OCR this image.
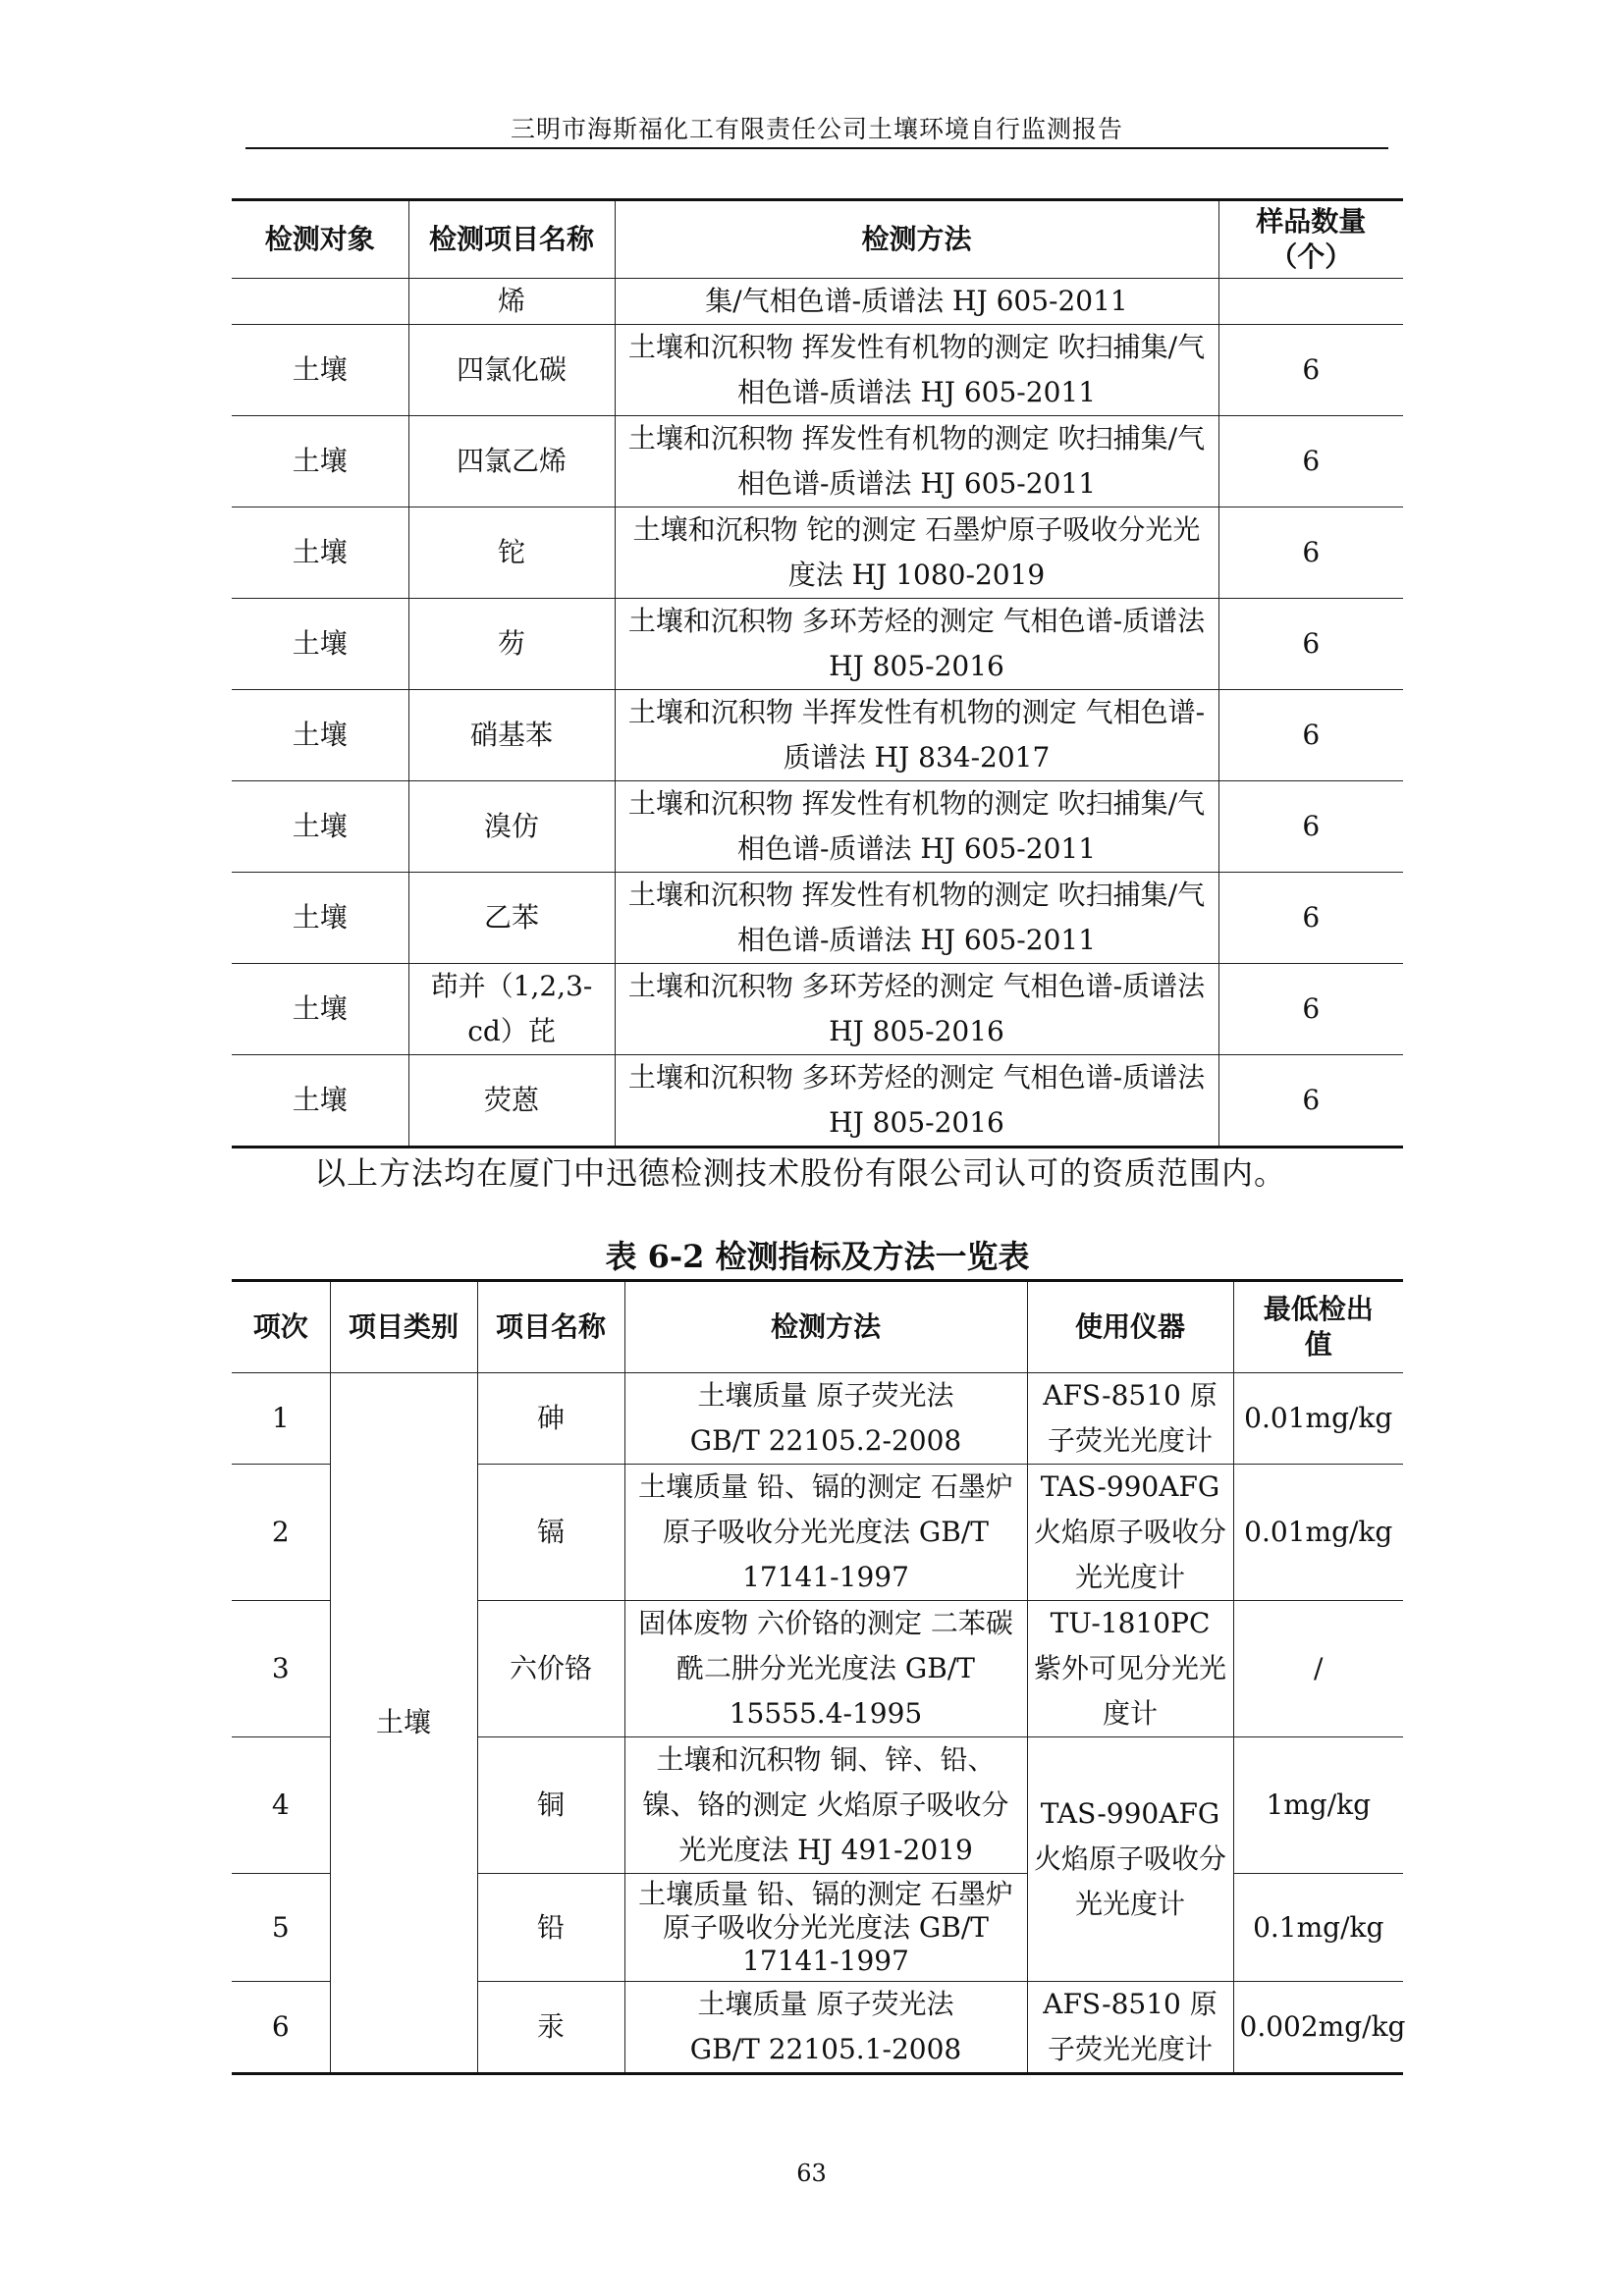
三明市海斯福化工有限责任公司土壤环境自行监测报告
检测对象	检测项目名称	检测方法	样品数量（个）
	烯	集/气相色谱-质谱法 HJ 605-2011	
土壤	四氯化碳	土壤和沉积物 挥发性有机物的测定 吹扫捕集/气相色谱-质谱法 HJ 605-2011	6
土壤	四氯乙烯	土壤和沉积物 挥发性有机物的测定 吹扫捕集/气相色谱-质谱法 HJ 605-2011	6
土壤	铊	土壤和沉积物 铊的测定 石墨炉原子吸收分光光度法 HJ 1080-2019	6
土壤	芴	土壤和沉积物 多环芳烃的测定 气相色谱-质谱法 HJ 805-2016	6
土壤	硝基苯	土壤和沉积物 半挥发性有机物的测定 气相色谱-质谱法 HJ 834-2017	6
土壤	溴仿	土壤和沉积物 挥发性有机物的测定 吹扫捕集/气相色谱-质谱法 HJ 605-2011	6
土壤	乙苯	土壤和沉积物 挥发性有机物的测定 吹扫捕集/气相色谱-质谱法 HJ 605-2011	6
土壤	茚并（1,2,3-cd）芘	土壤和沉积物 多环芳烃的测定 气相色谱-质谱法 HJ 805-2016	6
土壤	荧蒽	土壤和沉积物 多环芳烃的测定 气相色谱-质谱法 HJ 805-2016	6
以上方法均在厦门中迅德检测技术股份有限公司认可的资质范围内。
表 6-2 检测指标及方法一览表
项次	项目类别	项目名称	检测方法	使用仪器	最低检出值
1	土壤	砷	土壤质量 原子荧光法 GB/T 22105.2-2008	AFS-8510 原子荧光光度计	0.01mg/kg
2		镉	土壤质量 铅、镉的测定 石墨炉原子吸收分光光度法 GB/T 17141-1997	TAS-990AFG 火焰原子吸收分光光度计	0.01mg/kg
3		六价铬	固体废物 六价铬的测定 二苯碳酰二肼分光光度法 GB/T 15555.4-1995	TU-1810PC 紫外可见分光光度计	/
4		铜	土壤和沉积物 铜、锌、铅、镍、铬的测定 火焰原子吸收分光光度法 HJ 491-2019	TAS-990AFG 火焰原子吸收分光光度计	1mg/kg
5		铅	土壤质量 铅、镉的测定 石墨炉原子吸收分光光度法 GB/T 17141-1997		0.1mg/kg
6		汞	土壤质量 原子荧光法 GB/T 22105.1-2008	AFS-8510 原子荧光光度计	0.002mg/kg
63
